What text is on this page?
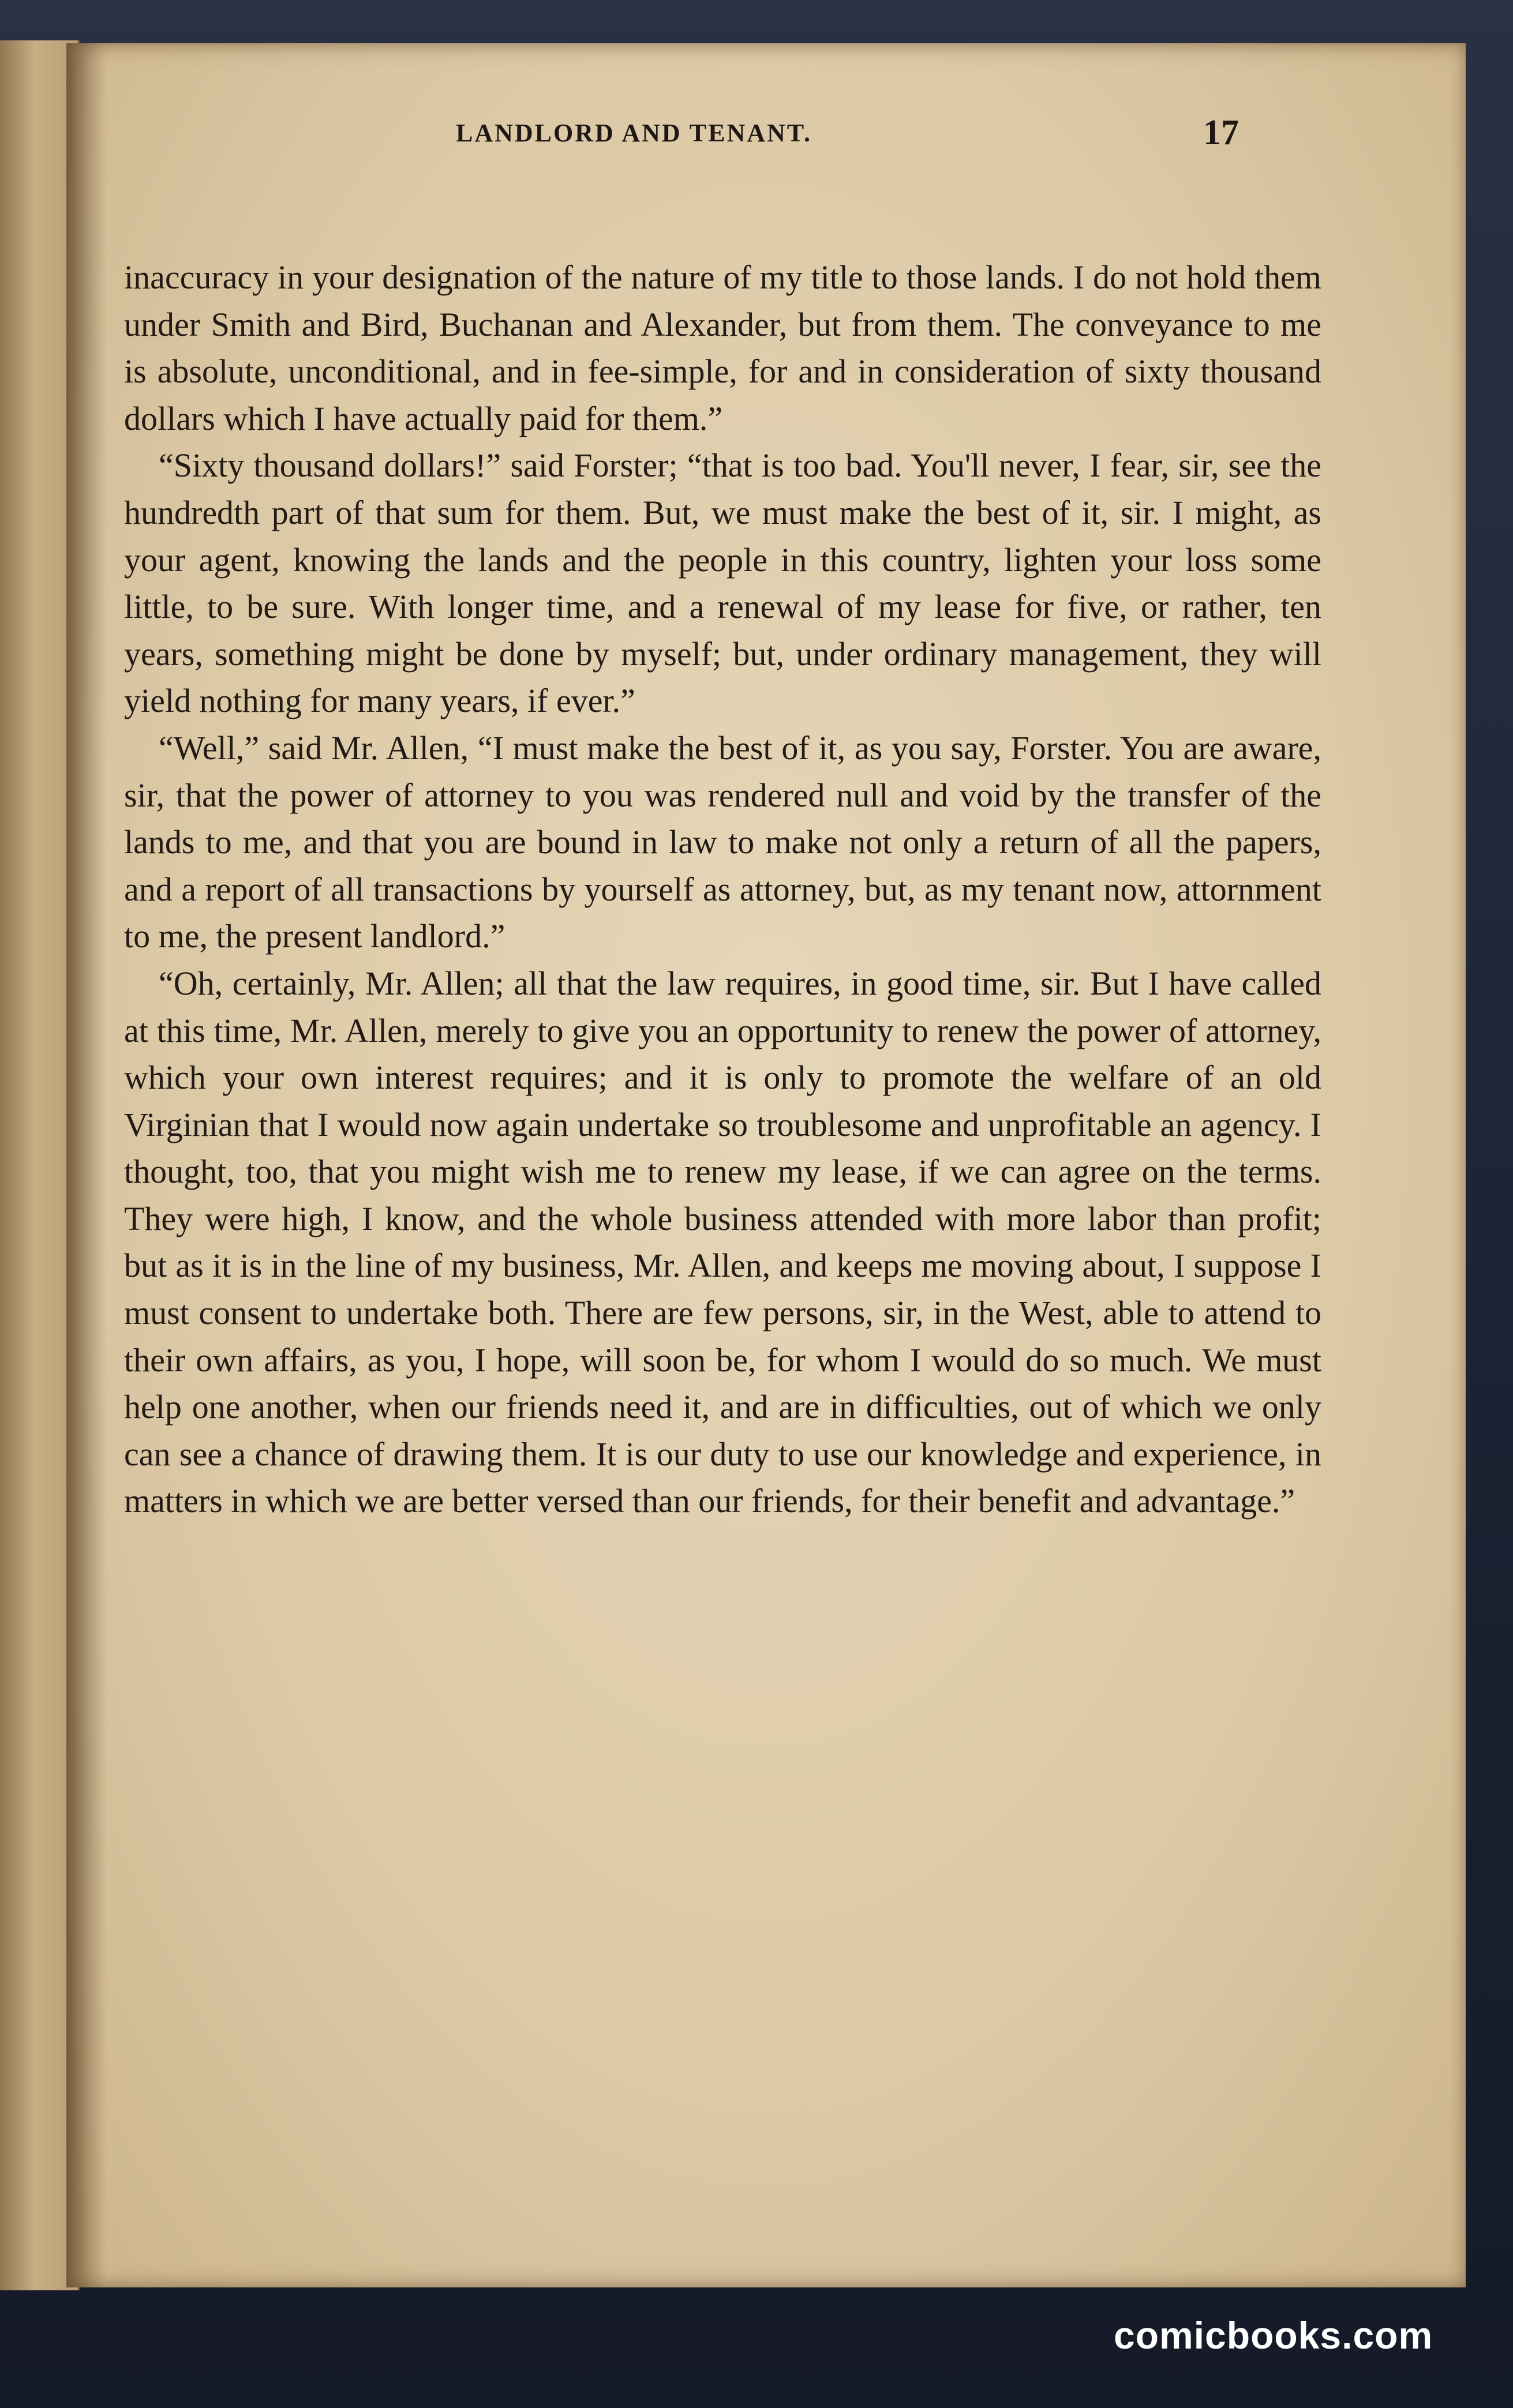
LANDLORD AND TENANT.	17

inaccuracy in your designation of the nature of my title to those lands. I do not hold them under Smith and Bird, Buchanan and Alexander, but from them. The conveyance to me is absolute, unconditional, and in fee-simple, for and in consideration of sixty thousand dollars which I have actually paid for them.”

“Sixty thousand dollars!” said Forster; “that is too bad. You'll never, I fear, sir, see the hundredth part of that sum for them. But, we must make the best of it, sir. I might, as your agent, knowing the lands and the people in this country, lighten your loss some little, to be sure. With longer time, and a renewal of my lease for five, or rather, ten years, something might be done by myself; but, under ordinary management, they will yield nothing for many years, if ever.”

“Well,” said Mr. Allen, “I must make the best of it, as you say, Forster. You are aware, sir, that the power of attorney to you was rendered null and void by the transfer of the lands to me, and that you are bound in law to make not only a return of all the papers, and a report of all transactions by yourself as attorney, but, as my tenant now, attornment to me, the present landlord.”

“Oh, certainly, Mr. Allen; all that the law requires, in good time, sir. But I have called at this time, Mr. Allen, merely to give you an opportunity to renew the power of attorney, which your own interest requires; and it is only to promote the welfare of an old Virginian that I would now again undertake so troublesome and unprofitable an agency. I thought, too, that you might wish me to renew my lease, if we can agree on the terms. They were high, I know, and the whole business attended with more labor than profit; but as it is in the line of my business, Mr. Allen, and keeps me moving about, I suppose I must consent to undertake both. There are few persons, sir, in the West, able to attend to their own affairs, as you, I hope, will soon be, for whom I would do so much. We must help one another, when our friends need it, and are in difficulties, out of which we only can see a chance of drawing them. It is our duty to use our knowledge and experience, in matters in which we are better versed than our friends, for their benefit and advantage.”

comicbooks.com
